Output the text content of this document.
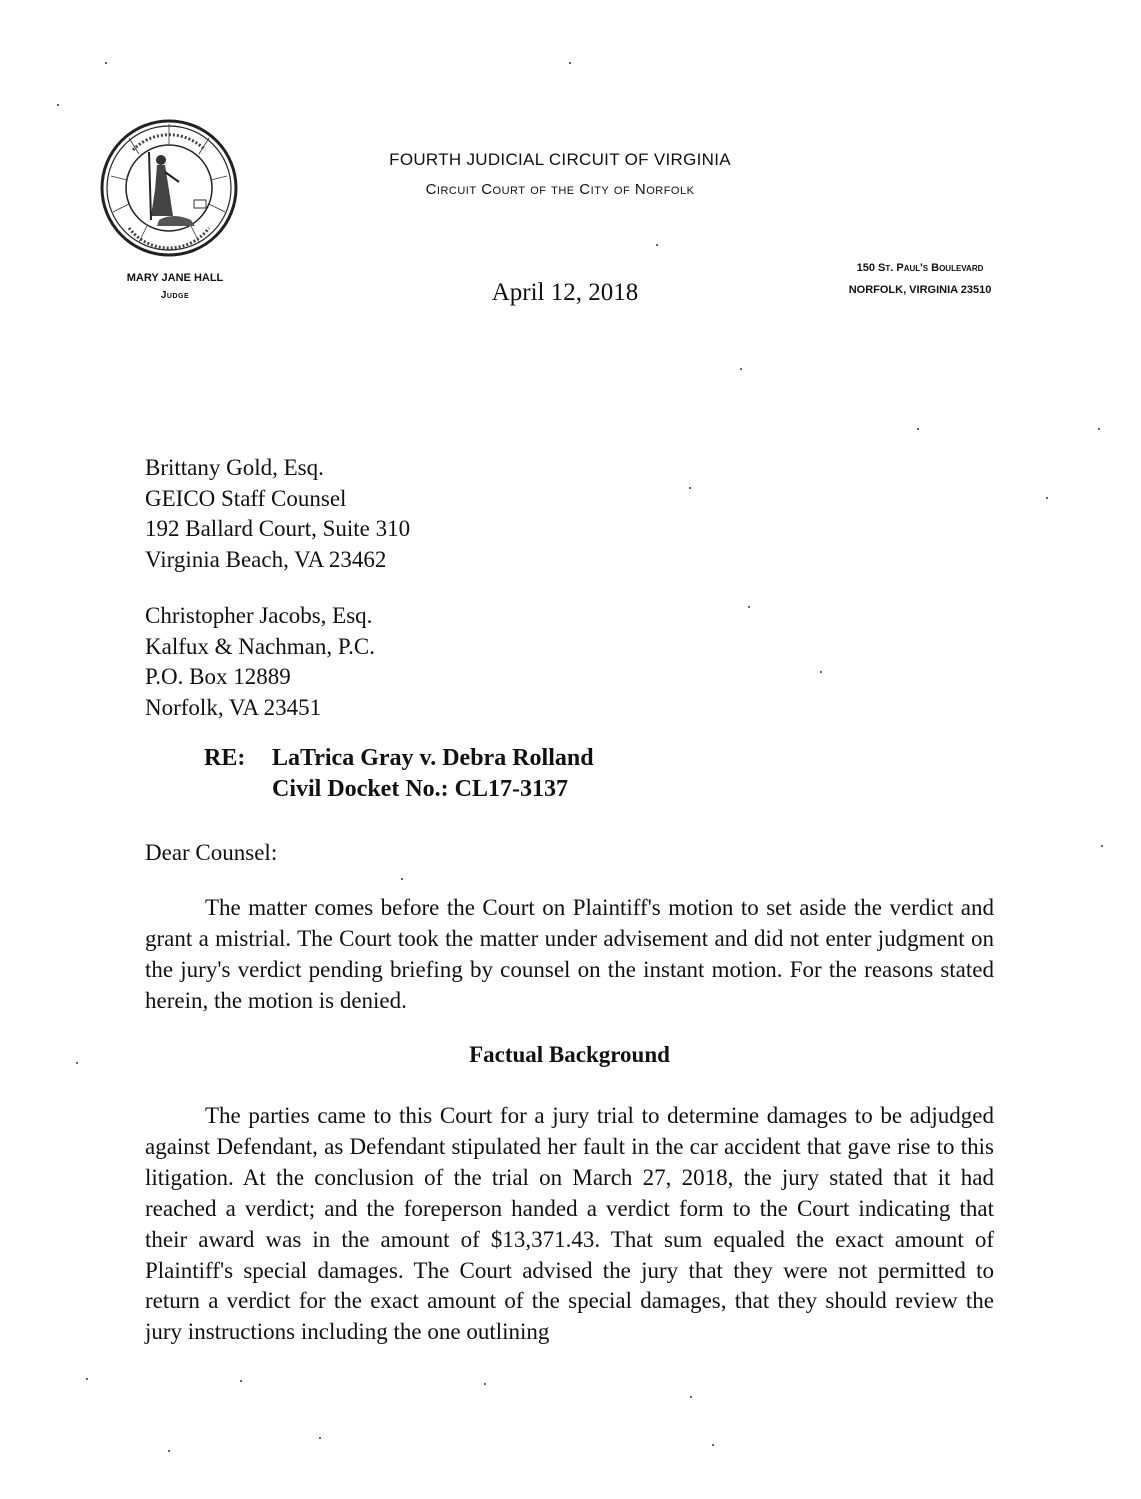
FOURTH JUDICIAL CIRCUIT OF VIRGINIA
Circuit Court of the City of Norfolk
MARY JANE HALL
Judge	April 12, 2018
150 St. Paul's Boulevard
NORFOLK, VIRGINIA 23510
Brittany Gold, Esq.
GEICO Staff Counsel
192 Ballard Court, Suite 310
Virginia Beach, VA 23462
Christopher Jacobs, Esq.
Kalfux & Nachman, P.C.
P.O. Box 12889
Norfolk, VA 23451
RE: LaTrica Gray v. Debra Rolland
Civil Docket No.: CL17-3137
Dear Counsel:

The matter comes before the Court on Plaintiff's motion to set aside the verdict and grant a mistrial. The Court took the matter under advisement and did not enter judgment on the jury's verdict pending briefing by counsel on the instant motion. For the reasons stated herein, the motion is denied.

Factual Background

The parties came to this Court for a jury trial to determine damages to be adjudged against Defendant, as Defendant stipulated her fault in the car accident that gave rise to this litigation. At the conclusion of the trial on March 27, 2018, the jury stated that it had reached a verdict; and the foreperson handed a verdict form to the Court indicating that their award was in the amount of $13,371.43. That sum equaled the exact amount of Plaintiff's special damages. The Court advised the jury that they were not permitted to return a verdict for the exact amount of the special damages, that they should review the jury instructions including the one outlining
